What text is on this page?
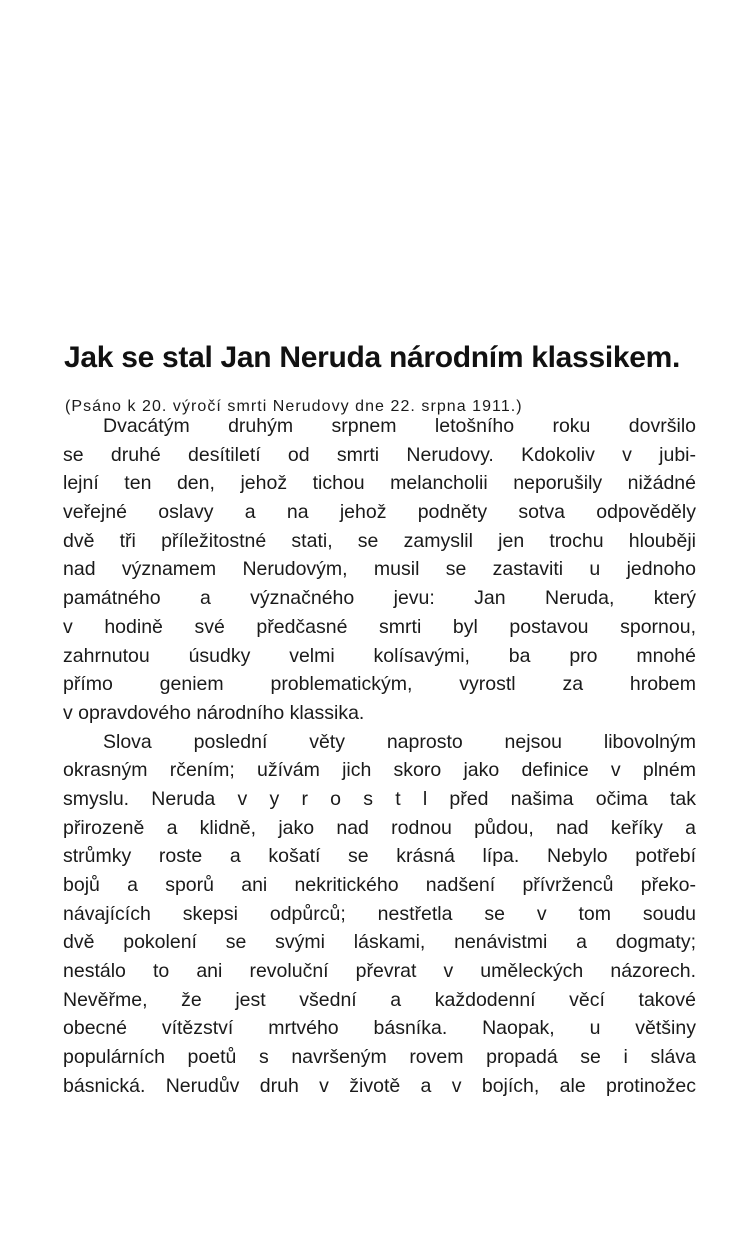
Jak se stal Jan Neruda národním klassikem.

(Psáno k 20. výročí smrti Nerudovy dne 22. srpna 1911.)

Dvacátým druhým srpnem letošního roku dovršilo
se druhé desítiletí od smrti Nerudovy. Kdokoliv v jubi-
lejní ten den, jehož tichou melancholii neporušily nižádné
veřejné oslavy a na jehož podněty sotva odpověděly
dvě tři příležitostné stati, se zamyslil jen trochu hlouběji
nad významem Nerudovým, musil se zastaviti u jednoho
památného a význačného jevu: Jan Neruda, který
v hodině své předčasné smrti byl postavou spornou,
zahrnutou úsudky velmi kolísavými, ba pro mnohé
přímo geniem problematickým, vyrostl za hrobem
v opravdového národního klassika.
Slova poslední věty naprosto nejsou libovolným
okrasným rčením; užívám jich skoro jako definice v plném
smyslu. Neruda v y r o s t l před našima očima tak
přirozeně a klidně, jako nad rodnou půdou, nad keříky a
strůmky roste a košatí se krásná lípa. Nebylo potřebí
bojů a sporů ani nekritického nadšení přívrženců překo-
návajících skepsi odpůrců; nestřetla se v tom soudu
dvě pokolení se svými láskami, nenávistmi a dogmaty;
nestálo to ani revoluční převrat v uměleckých názorech.
Nevěřme, že jest všední a každodenní věcí takové
obecné vítězství mrtvého básníka. Naopak, u většiny
populárních poetů s navršeným rovem propadá se i sláva
básnická. Nerudův druh v životě a v bojích, ale protinožec
